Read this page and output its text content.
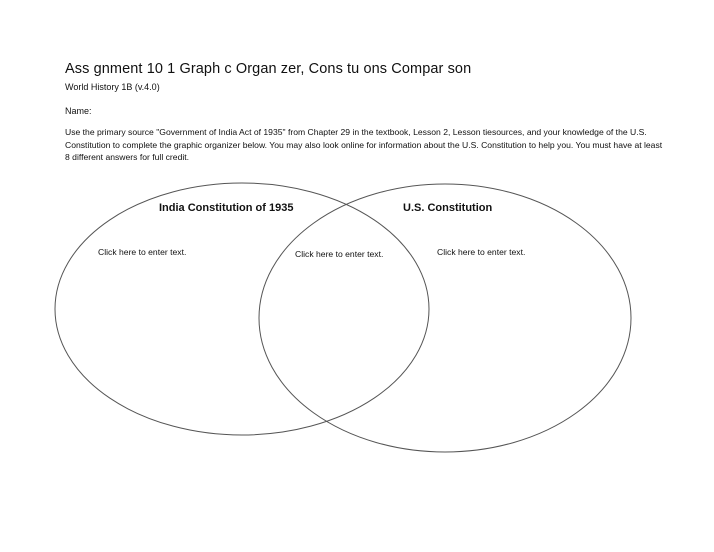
Ass gnment 10 1 Graph c Organ zer, Cons tu ons Compar son
World History 1B (v.4.0)
Name:
Use the primary source "Government of India Act of 1935" from Chapter 29 in the textbook, Lesson 2, Lesson tiesources, and your knowledge of the U.S. Constitution to complete the graphic organizer below. You may also look online for information about the U.S. Constitution to help you. You must have at least 8 different answers for full credit.
India Constitution of 1935	U.S. Constitution
Click here to enter text.	Click here to enter text.	Click here to enter text.
